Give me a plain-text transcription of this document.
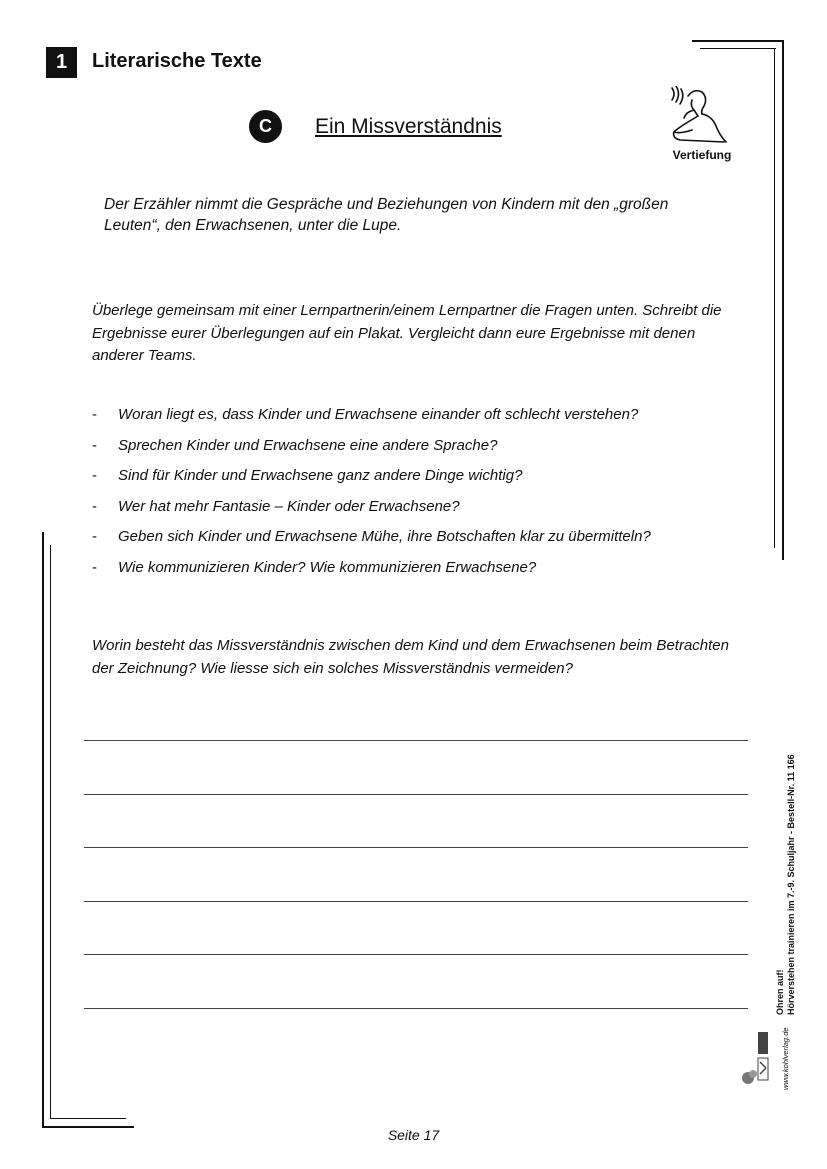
1	Literarische Texte
C	Ein Missverständnis
Vertiefung
Der Erzähler nimmt die Gespräche und Beziehungen von Kindern mit den „großen Leuten“, den Erwachsenen, unter die Lupe.
Überlege gemeinsam mit einer Lernpartnerin/einem Lernpartner die Fragen unten. Schreibt die Ergebnisse eurer Überlegungen auf ein Plakat. Vergleicht dann eure Ergebnisse mit denen anderer Teams.
- Woran liegt es, dass Kinder und Erwachsene einander oft schlecht verstehen?
- Sprechen Kinder und Erwachsene eine andere Sprache?
- Sind für Kinder und Erwachsene ganz andere Dinge wichtig?
- Wer hat mehr Fantasie – Kinder oder Erwachsene?
- Geben sich Kinder und Erwachsene Mühe, ihre Botschaften klar zu übermitteln?
- Wie kommunizieren Kinder? Wie kommunizieren Erwachsene?
Worin besteht das Missverständnis zwischen dem Kind und dem Erwachsenen beim Betrachten der Zeichnung? Wie liesse sich ein solches Missverständnis vermeiden?
Ohren auf! Hörverstehen trainieren im 7.-9. Schuljahr - Bestell-Nr. 11 166
www.kohlverlag.de
Seite 17
